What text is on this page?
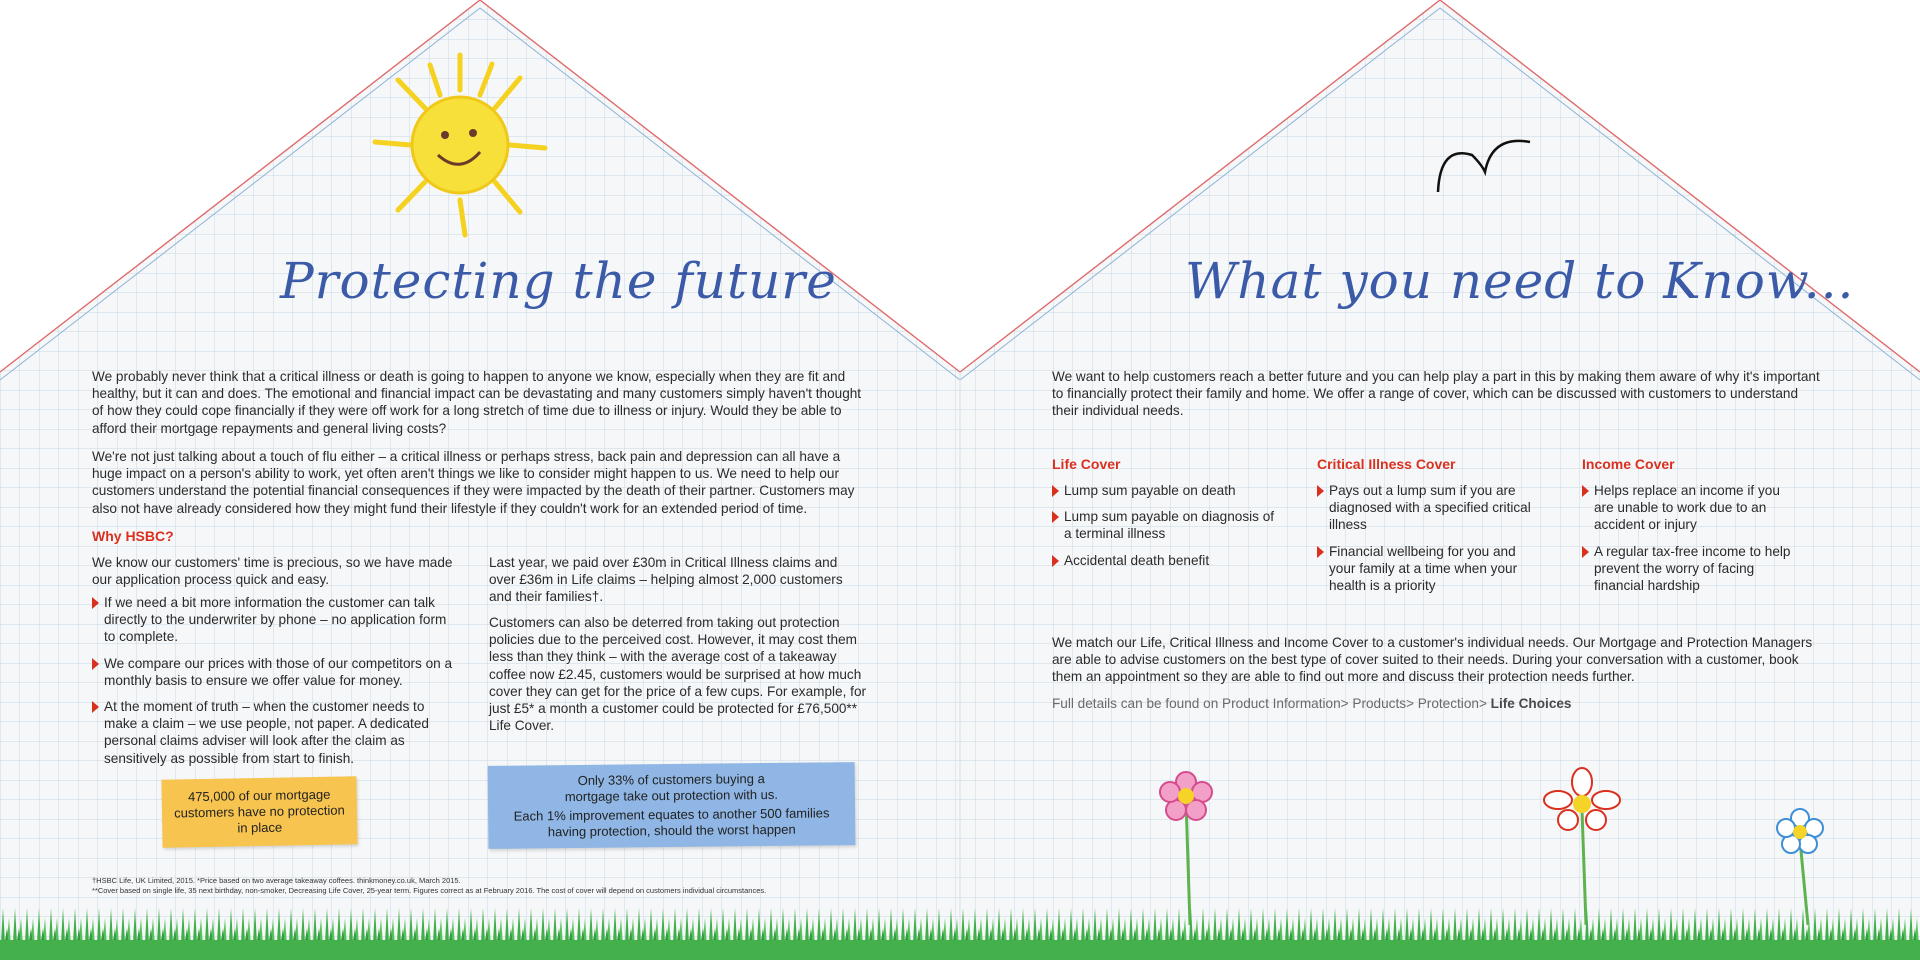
Protecting the future

We probably never think that a critical illness or death is going to happen to anyone we know, especially when they are fit and healthy, but it can and does. The emotional and financial impact can be devastating and many customers simply haven't thought of how they could cope financially if they were off work for a long stretch of time due to illness or injury. Would they be able to afford their mortgage repayments and general living costs?

We're not just talking about a touch of flu either – a critical illness or perhaps stress, back pain and depression can all have a huge impact on a person's ability to work, yet often aren't things we like to consider might happen to us. We need to help our customers understand the potential financial consequences if they were impacted by the death of their partner. Customers may also not have already considered how they might fund their lifestyle if they couldn't work for an extended period of time.

Why HSBC?

We know our customers' time is precious, so we have made our application process quick and easy.

If we need a bit more information the customer can talk directly to the underwriter by phone – no application form to complete.
We compare our prices with those of our competitors on a monthly basis to ensure we offer value for money.
At the moment of truth – when the customer needs to make a claim – we use people, not paper. A dedicated personal claims adviser will look after the claim as sensitively as possible from start to finish.

Last year, we paid over £30m in Critical Illness claims and over £36m in Life claims – helping almost 2,000 customers and their families†.

Customers can also be deterred from taking out protection policies due to the perceived cost. However, it may cost them less than they think – with the average cost of a takeaway coffee now £2.45, customers would be surprised at how much cover they can get for the price of a few cups. For example, for just £5* a month a customer could be protected for £76,500** Life Cover.

475,000 of our mortgage customers have no protection in place
Only 33% of customers buying a mortgage take out protection with us.
Each 1% improvement equates to another 500 families having protection, should the worst happen
†HSBC Life, UK Limited, 2015. *Price based on two average takeaway coffees. thinkmoney.co.uk, March 2015.
**Cover based on single life, 35 next birthday, non-smoker, Decreasing Life Cover, 25-year term. Figures correct as at February 2016. The cost of cover will depend on customers individual circumstances.
What you need to Know...

We want to help customers reach a better future and you can help play a part in this by making them aware of why it's important to financially protect their family and home. We offer a range of cover, which can be discussed with customers to understand their individual needs.

Life Cover
Lump sum payable on death
Lump sum payable on diagnosis of a terminal illness
Accidental death benefit
Critical Illness Cover
Pays out a lump sum if you are diagnosed with a specified critical illness
Financial wellbeing for you and your family at a time when your health is a priority
Income Cover
Helps replace an income if you are unable to work due to an accident or injury
A regular tax-free income to help prevent the worry of facing financial hardship

We match our Life, Critical Illness and Income Cover to a customer's individual needs. Our Mortgage and Protection Managers are able to advise customers on the best type of cover suited to their needs. During your conversation with a customer, book them an appointment so they are able to find out more and discuss their protection needs further.

Full details can be found on Product Information> Products> Protection> Life Choices
